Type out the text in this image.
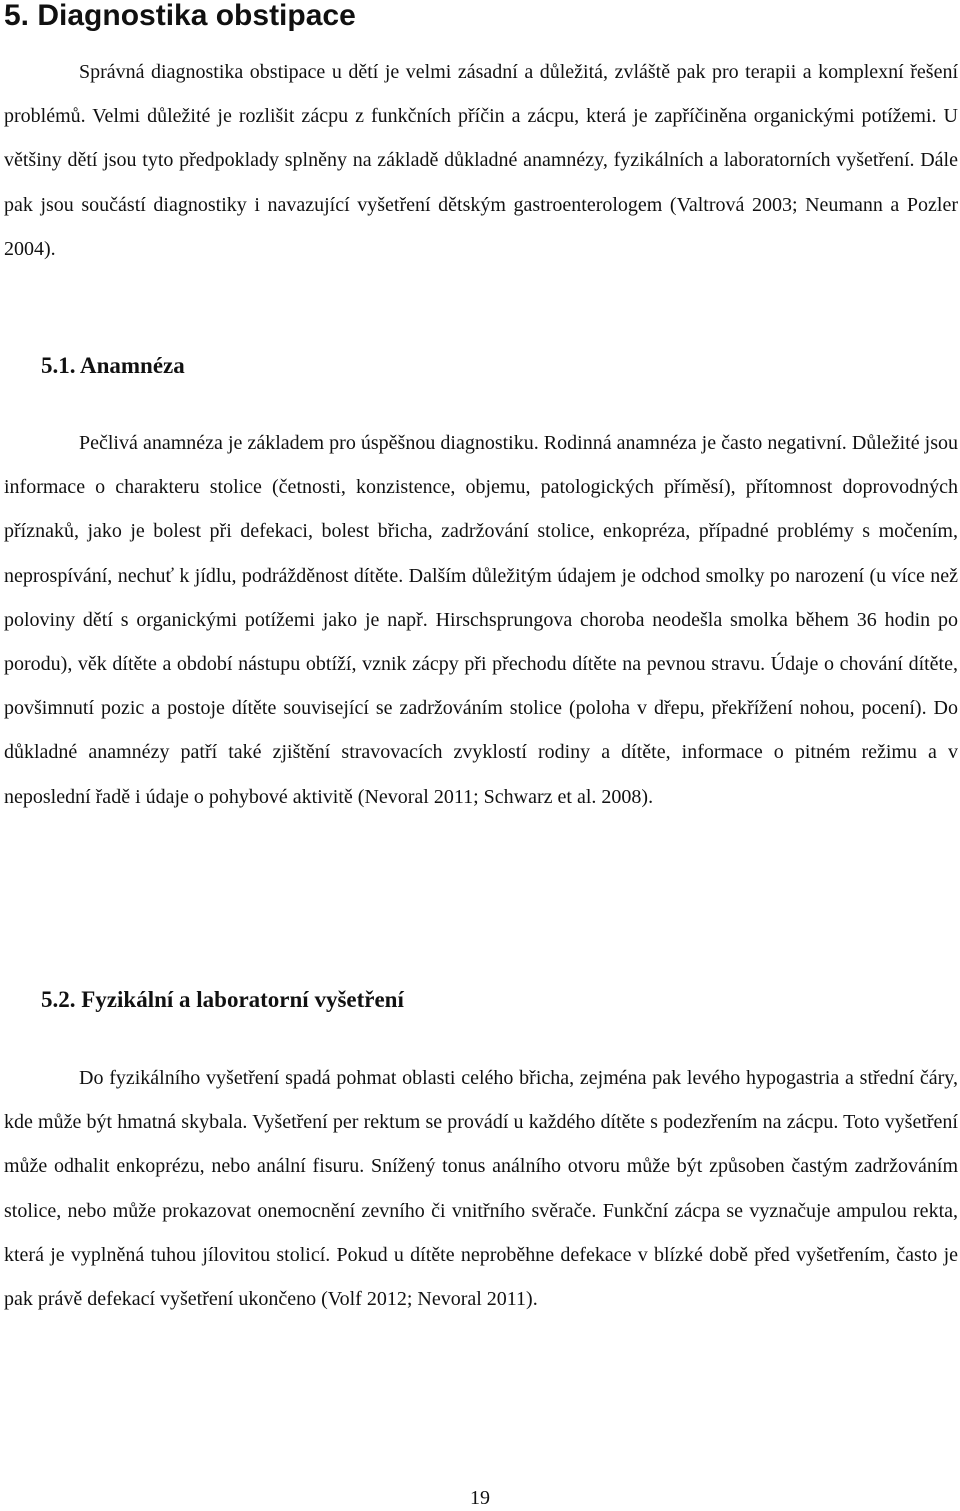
5. Diagnostika obstipace

Správná diagnostika obstipace u dětí je velmi zásadní a důležitá, zvláště pak pro terapii a komplexní řešení problémů. Velmi důležité je rozlišit zácpu z funkčních příčin a zácpu, která je zapříčiněna organickými potížemi. U většiny dětí jsou tyto předpoklady splněny na základě důkladné anamnézy, fyzikálních a laboratorních vyšetření. Dále pak jsou součástí diagnostiky i navazující vyšetření dětským gastroenterologem (Valtrová 2003; Neumann a Pozler 2004).

5.1. Anamnéza

Pečlivá anamnéza je základem pro úspěšnou diagnostiku. Rodinná anamnéza je často negativní. Důležité jsou informace o charakteru stolice (četnosti, konzistence, objemu, patologických příměsí), přítomnost doprovodných příznaků, jako je bolest při defekaci, bolest břicha, zadržování stolice, enkopréza, případné problémy s močením, neprospívání, nechuť k jídlu, podrážděnost dítěte. Dalším důležitým údajem je odchod smolky po narození (u více než poloviny dětí s organickými potížemi jako je např. Hirschsprungova choroba neodešla smolka během 36 hodin po porodu), věk dítěte a období nástupu obtíží, vznik zácpy při přechodu dítěte na pevnou stravu. Údaje o chování dítěte, povšimnutí pozic a postoje dítěte související se zadržováním stolice (poloha v dřepu, překřížení nohou, pocení). Do důkladné anamnézy patří také zjištění stravovacích zvyklostí rodiny a dítěte, informace o pitném režimu a v neposlední řadě i údaje o pohybové aktivitě (Nevoral 2011; Schwarz et al. 2008).

5.2. Fyzikální a laboratorní vyšetření

Do fyzikálního vyšetření spadá pohmat oblasti celého břicha, zejména pak levého hypogastria a střední čáry, kde může být hmatná skybala. Vyšetření per rektum se provádí u každého dítěte s podezřením na zácpu. Toto vyšetření může odhalit enkoprézu, nebo anální fisuru. Snížený tonus análního otvoru může být způsoben častým zadržováním stolice, nebo může prokazovat onemocnění zevního či vnitřního svěrače. Funkční zácpa se vyznačuje ampulou rekta, která je vyplněná tuhou jílovitou stolicí. Pokud u dítěte neproběhne defekace v blízké době před vyšetřením, často je pak právě defekací vyšetření ukončeno (Volf 2012; Nevoral 2011).

19
